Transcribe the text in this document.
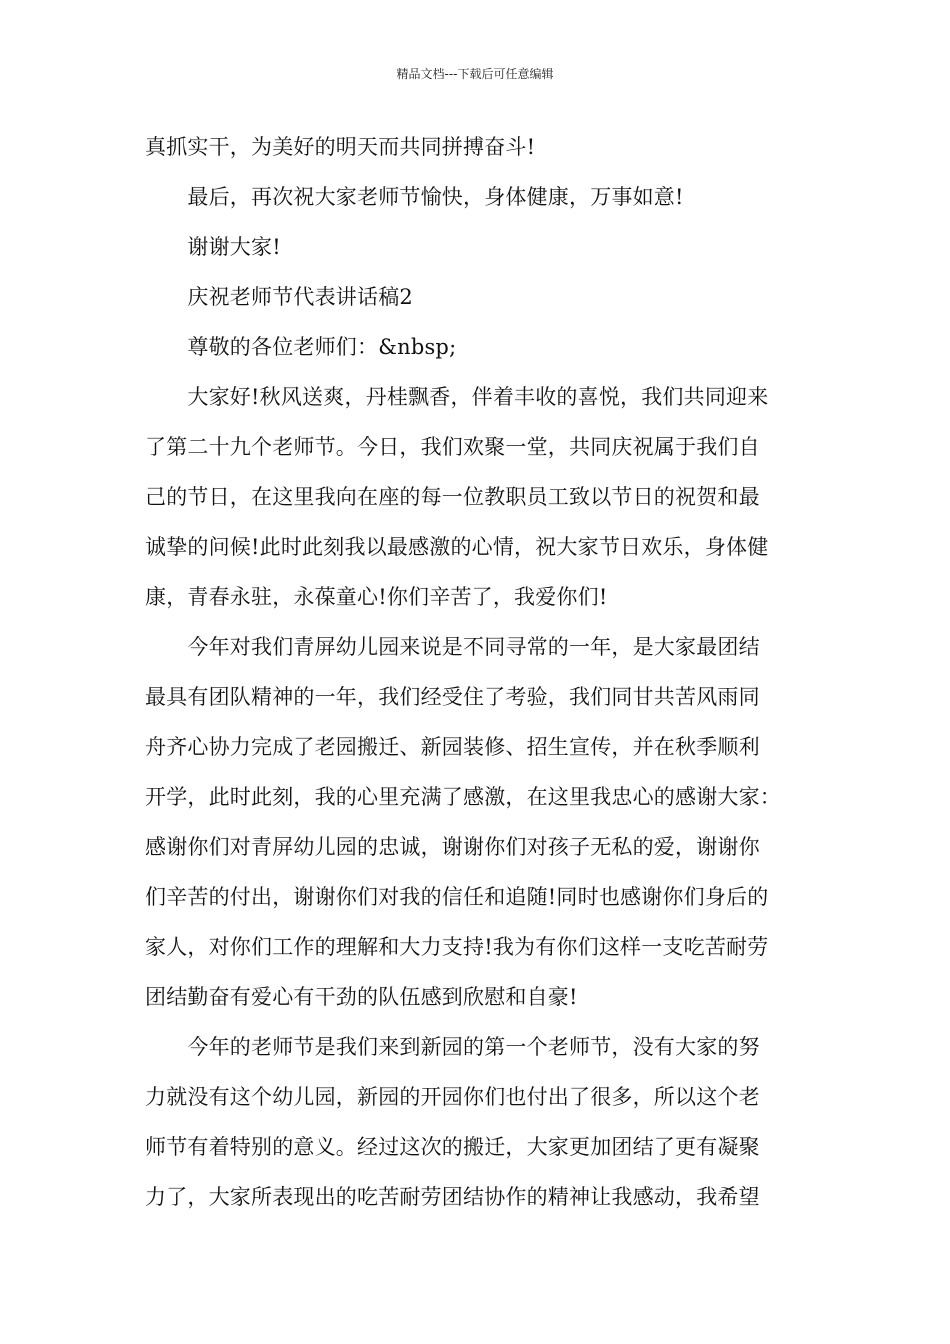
精品文档---下载后可任意编辑
真抓实干，为美好的明天而共同拼搏奋斗!
　　最后，再次祝大家老师节愉快，身体健康，万事如意!
　　谢谢大家!
　　庆祝老师节代表讲话稿2
　　尊敬的各位老师们：&nbsp;
　　大家好!秋风送爽，丹桂飘香，伴着丰收的喜悦，我们共同迎来
了第二十九个老师节。今日，我们欢聚一堂，共同庆祝属于我们自
己的节日，在这里我向在座的每一位教职员工致以节日的祝贺和最
诚挚的问候!此时此刻我以最感激的心情，祝大家节日欢乐，身体健
康，青春永驻，永葆童心!你们辛苦了，我爱你们!
　　今年对我们青屏幼儿园来说是不同寻常的一年，是大家最团结
最具有团队精神的一年，我们经受住了考验，我们同甘共苦风雨同
舟齐心协力完成了老园搬迁、新园装修、招生宣传，并在秋季顺利
开学，此时此刻，我的心里充满了感激，在这里我忠心的感谢大家：
感谢你们对青屏幼儿园的忠诚，谢谢你们对孩子无私的爱，谢谢你
们辛苦的付出，谢谢你们对我的信任和追随!同时也感谢你们身后的
家人，对你们工作的理解和大力支持!我为有你们这样一支吃苦耐劳
团结勤奋有爱心有干劲的队伍感到欣慰和自豪!
　　今年的老师节是我们来到新园的第一个老师节，没有大家的努
力就没有这个幼儿园，新园的开园你们也付出了很多，所以这个老
师节有着特别的意义。经过这次的搬迁，大家更加团结了更有凝聚
力了，大家所表现出的吃苦耐劳团结协作的精神让我感动，我希望
